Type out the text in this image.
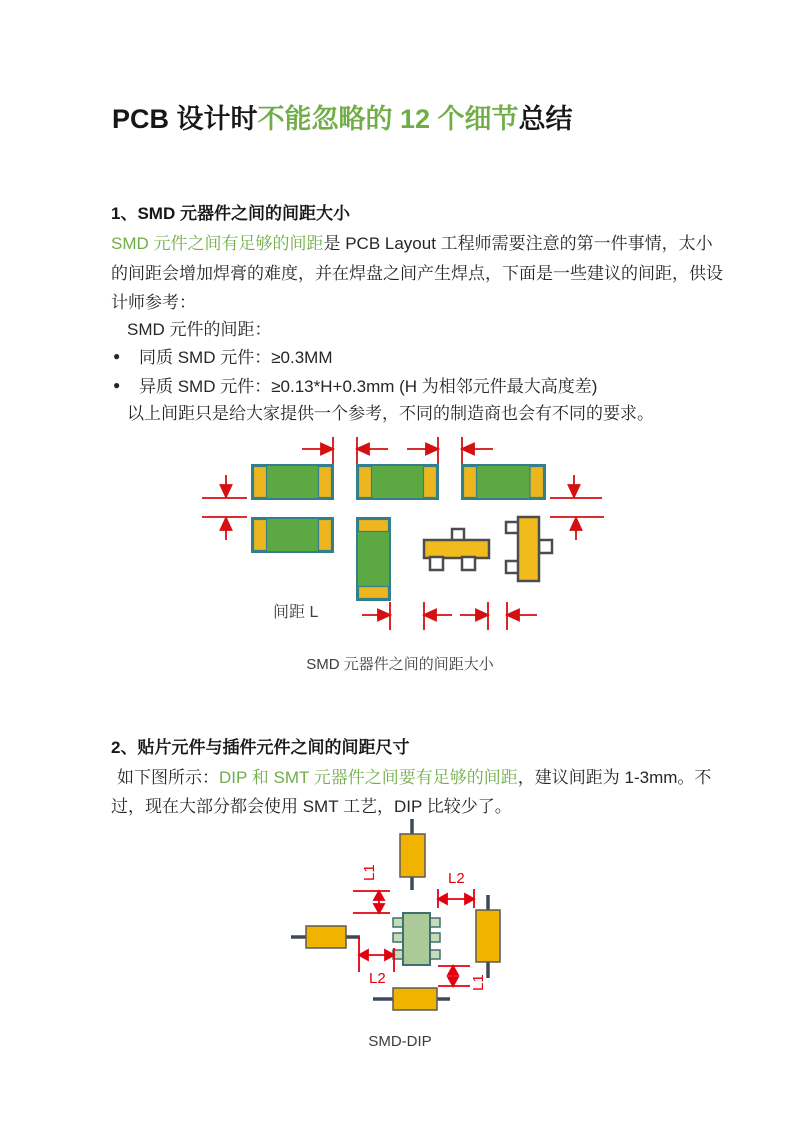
PCB 设计时不能忽略的 12 个细节总结
1、SMD 元器件之间的间距大小
SMD 元件之间有足够的间距是 PCB Layout 工程师需要注意的第一件事情，太小
的间距会增加焊膏的难度，并在焊盘之间产生焊点，下面是一些建议的间距，供设
计师参考：
SMD 元件的间距：
● 同质 SMD 元件：≥0.3MM
● 异质 SMD 元件：≥0.13*H+0.3mm (H 为相邻元件最大高度差)
以上间距只是给大家提供一个参考，不同的制造商也会有不同的要求。
间距 L
SMD 元器件之间的间距大小
2、贴片元件与插件元件之间的间距尺寸
如下图所示：DIP 和 SMT 元器件之间要有足够的间距，建议间距为 1-3mm。不
过，现在大部分都会使用 SMT 工艺，DIP 比较少了。
L1	L2
L2	L1
SMD-DIP
